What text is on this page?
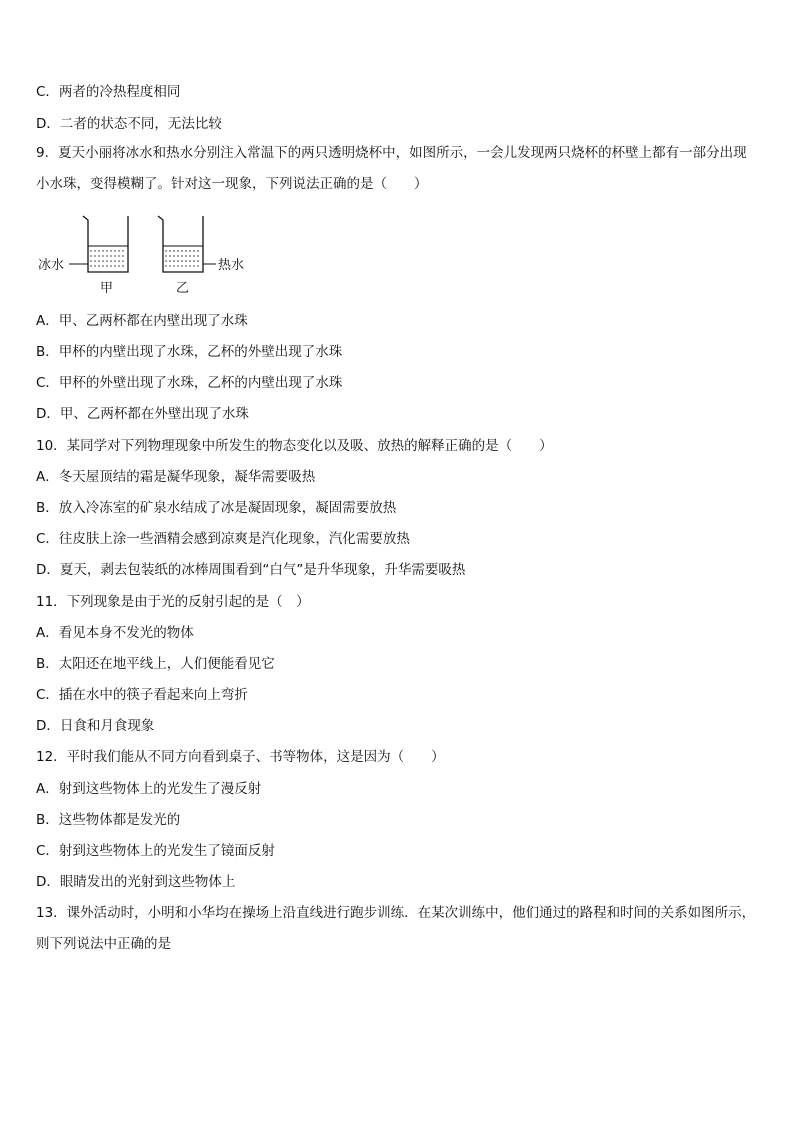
C．两者的冷热程度相同
D．二者的状态不同，无法比较
9．夏天小丽将冰水和热水分别注入常温下的两只透明烧杯中，如图所示，一会儿发现两只烧杯的杯壁上都有一部分出现小水珠，变得模糊了。针对这一现象，下列说法正确的是（　　）
冰水	热水
甲	乙
A．甲、乙两杯都在内壁出现了水珠
B．甲杯的内壁出现了水珠，乙杯的外壁出现了水珠
C．甲杯的外壁出现了水珠，乙杯的内壁出现了水珠
D．甲、乙两杯都在外壁出现了水珠
10．某同学对下列物理现象中所发生的物态变化以及吸、放热的解释正确的是（　　）
A．冬天屋顶结的霜是凝华现象，凝华需要吸热
B．放入冷冻室的矿泉水结成了冰是凝固现象，凝固需要放热
C．往皮肤上涂一些酒精会感到凉爽是汽化现象，汽化需要放热
D．夏天，剥去包装纸的冰棒周围看到“白气”是升华现象，升华需要吸热
11．下列现象是由于光的反射引起的是（　）
A．看见本身不发光的物体
B．太阳还在地平线上，人们便能看见它
C．插在水中的筷子看起来向上弯折
D．日食和月食现象
12．平时我们能从不同方向看到桌子、书等物体，这是因为（　　）
A．射到这些物体上的光发生了漫反射
B．这些物体都是发光的
C．射到这些物体上的光发生了镜面反射
D．眼睛发出的光射到这些物体上
13．课外活动时，小明和小华均在操场上沿直线进行跑步训练．在某次训练中，他们通过的路程和时间的关系如图所示，则下列说法中正确的是
